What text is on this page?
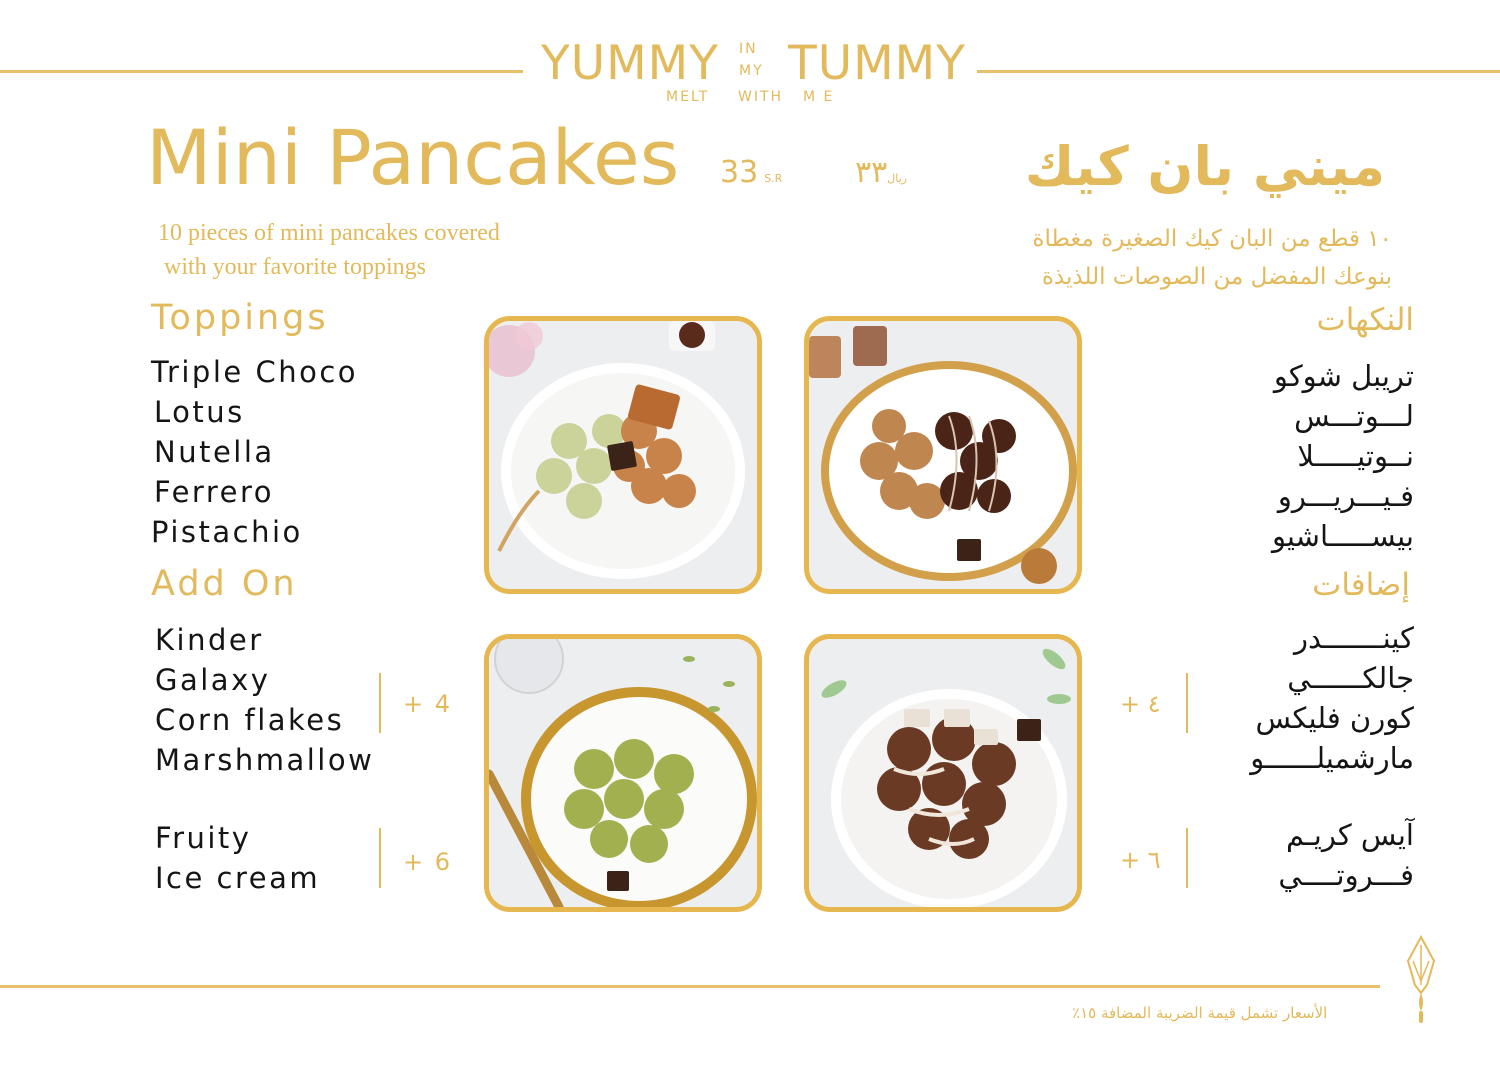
YUMMY IN
MY TUMMY
MELT WITH M E
Mini Pancakes 33 S.R	ريال٣٣	ميني بان كيك
10 pieces of mini pancakes covered
with your favorite toppings
١٠ قطع من البان كيك الصغيرة مغطاة
بنوعك المفضل من الصوصات اللذيذة
Toppings
Triple Choco
Lotus
Nutella
Ferrero
Pistachio
Add On
Kinder
Galaxy
Corn flakes
Marshmallow
+ 4
Fruity
Ice cream	+ 6
النكهات
تريبل شوكو
لـــوتـــس
نــوتيـــــلا
فـيـــريـــرو
بيســـــاشيو
إضافات
كينـــــــدر
جالكــــــي
كورن فليكس
مارشميلــــــو
+ ٤
آيس كريـم
فـــروتــــي
+ ٦
الأسعار تشمل قيمة الضريبة المضافة ١٥٪
